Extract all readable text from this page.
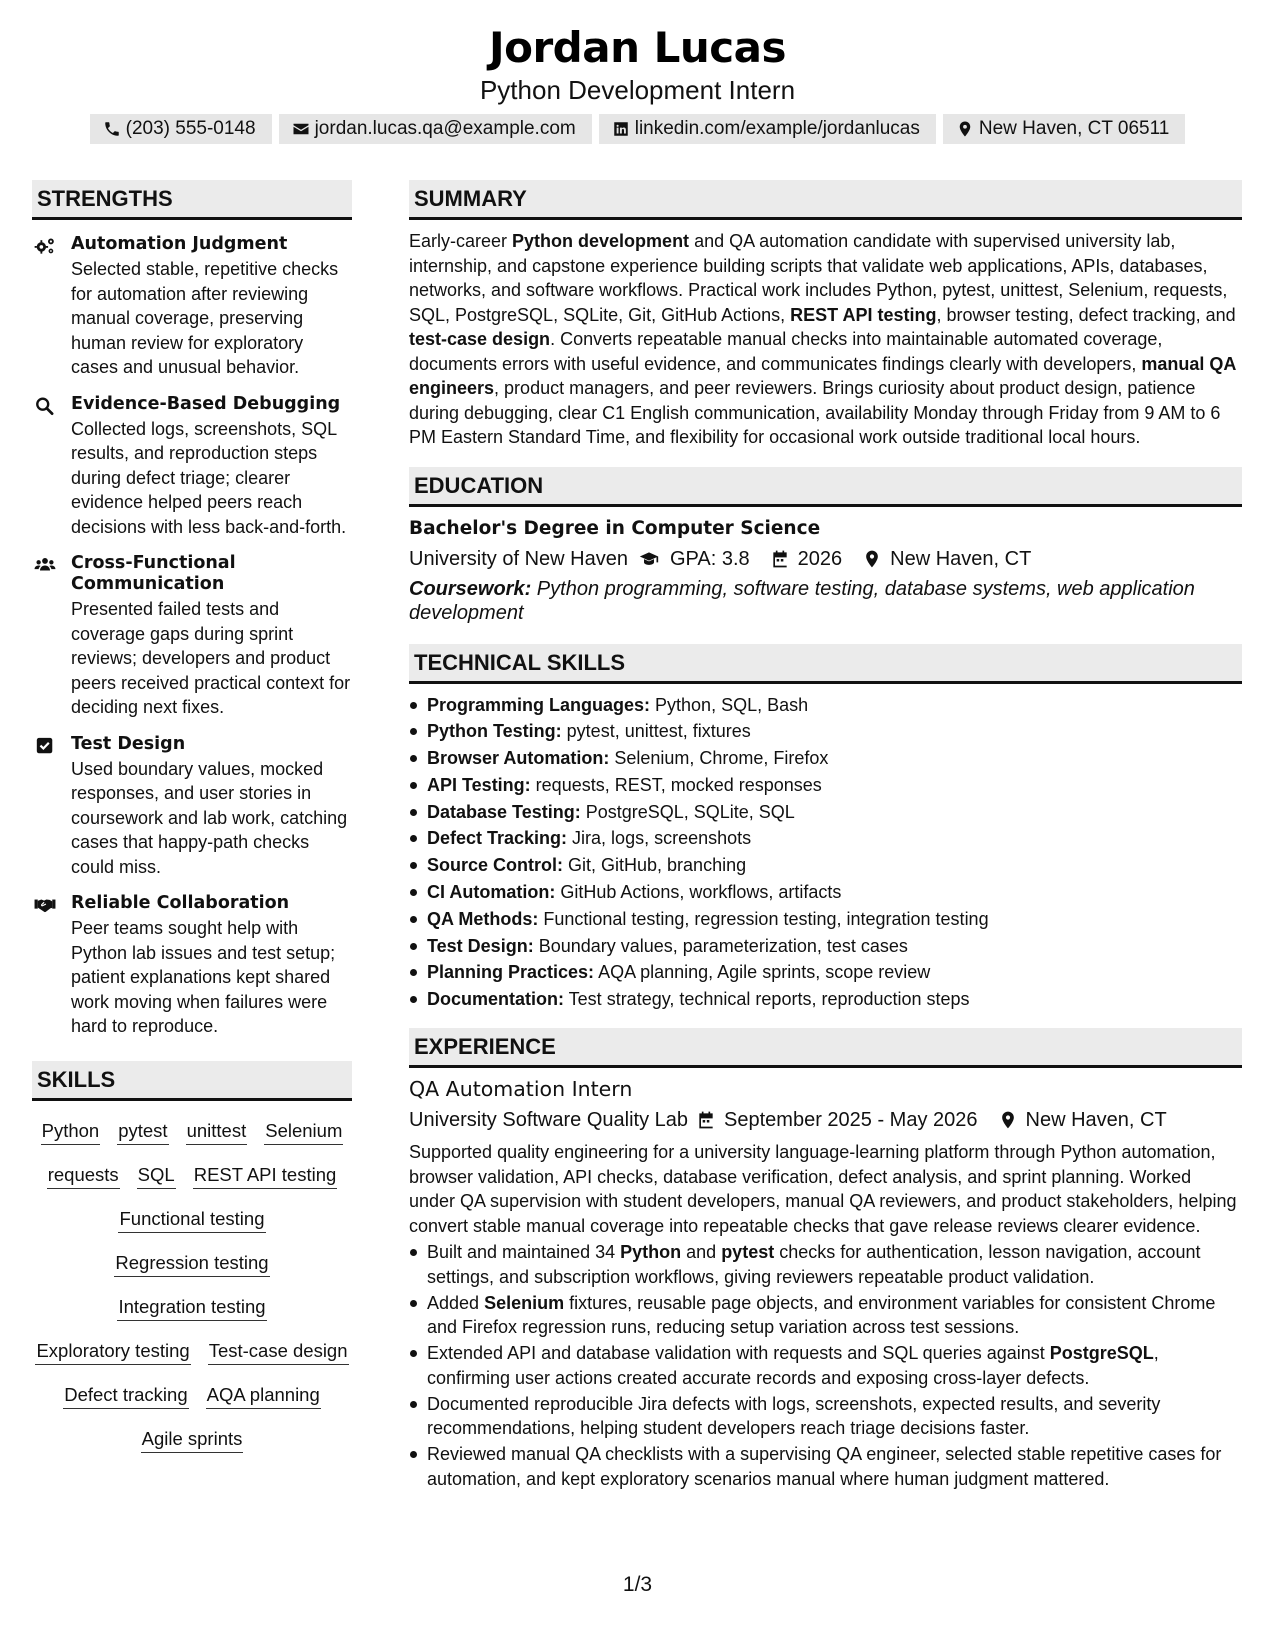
Jordan Lucas
Python Development Intern
(203) 555-0148	jordan.lucas.qa@example.com	linkedin.com/example/jordanlucas	New Haven, CT 06511
STRENGTHS
Automation Judgment
Selected stable, repetitive checks for automation after reviewing manual coverage, preserving human review for exploratory cases and unusual behavior.
Evidence-Based Debugging
Collected logs, screenshots, SQL results, and reproduction steps during defect triage; clearer evidence helped peers reach decisions with less back-and-forth.
Cross-Functional Communication
Presented failed tests and coverage gaps during sprint reviews; developers and product peers received practical context for deciding next fixes.
Test Design
Used boundary values, mocked responses, and user stories in coursework and lab work, catching cases that happy-path checks could miss.
Reliable Collaboration
Peer teams sought help with Python lab issues and test setup; patient explanations kept shared work moving when failures were hard to reproduce.
SKILLS
Python pytest unittest Selenium
requests SQL REST API testing
Functional testing
Regression testing
Integration testing
Exploratory testing Test-case design
Defect tracking AQA planning
Agile sprints
SUMMARY

Early-career Python development and QA automation candidate with supervised university lab, internship, and capstone experience building scripts that validate web applications, APIs, databases, networks, and software workflows. Practical work includes Python, pytest, unittest, Selenium, requests, SQL, PostgreSQL, SQLite, Git, GitHub Actions, REST API testing, browser testing, defect tracking, and test-case design. Converts repeatable manual checks into maintainable automated coverage, documents errors with useful evidence, and communicates findings clearly with developers, manual QA engineers, product managers, and peer reviewers. Brings curiosity about product design, patience during debugging, clear C1 English communication, availability Monday through Friday from 9 AM to 6 PM Eastern Standard Time, and flexibility for occasional work outside traditional local hours.

EDUCATION
Bachelor's Degree in Computer Science
University of New Haven GPA: 3.8 2026 New Haven, CT
Coursework: Python programming, software testing, database systems, web application development
TECHNICAL SKILLS
Programming Languages: Python, SQL, Bash
Python Testing: pytest, unittest, fixtures
Browser Automation: Selenium, Chrome, Firefox
API Testing: requests, REST, mocked responses
Database Testing: PostgreSQL, SQLite, SQL
Defect Tracking: Jira, logs, screenshots
Source Control: Git, GitHub, branching
CI Automation: GitHub Actions, workflows, artifacts
QA Methods: Functional testing, regression testing, integration testing
Test Design: Boundary values, parameterization, test cases
Planning Practices: AQA planning, Agile sprints, scope review
Documentation: Test strategy, technical reports, reproduction steps
EXPERIENCE
QA Automation Intern
University Software Quality Lab September 2025 - May 2026 New Haven, CT

Supported quality engineering for a university language-learning platform through Python automation, browser validation, API checks, database verification, defect analysis, and sprint planning. Worked under QA supervision with student developers, manual QA reviewers, and product stakeholders, helping convert stable manual coverage into repeatable checks that gave release reviews clearer evidence.

Built and maintained 34 Python and pytest checks for authentication, lesson navigation, account settings, and subscription workflows, giving reviewers repeatable product validation.
Added Selenium fixtures, reusable page objects, and environment variables for consistent Chrome and Firefox regression runs, reducing setup variation across test sessions.
Extended API and database validation with requests and SQL queries against PostgreSQL, confirming user actions created accurate records and exposing cross-layer defects.
Documented reproducible Jira defects with logs, screenshots, expected results, and severity recommendations, helping student developers reach triage decisions faster.
Reviewed manual QA checklists with a supervising QA engineer, selected stable repetitive cases for automation, and kept exploratory scenarios manual where human judgment mattered.
1/3
